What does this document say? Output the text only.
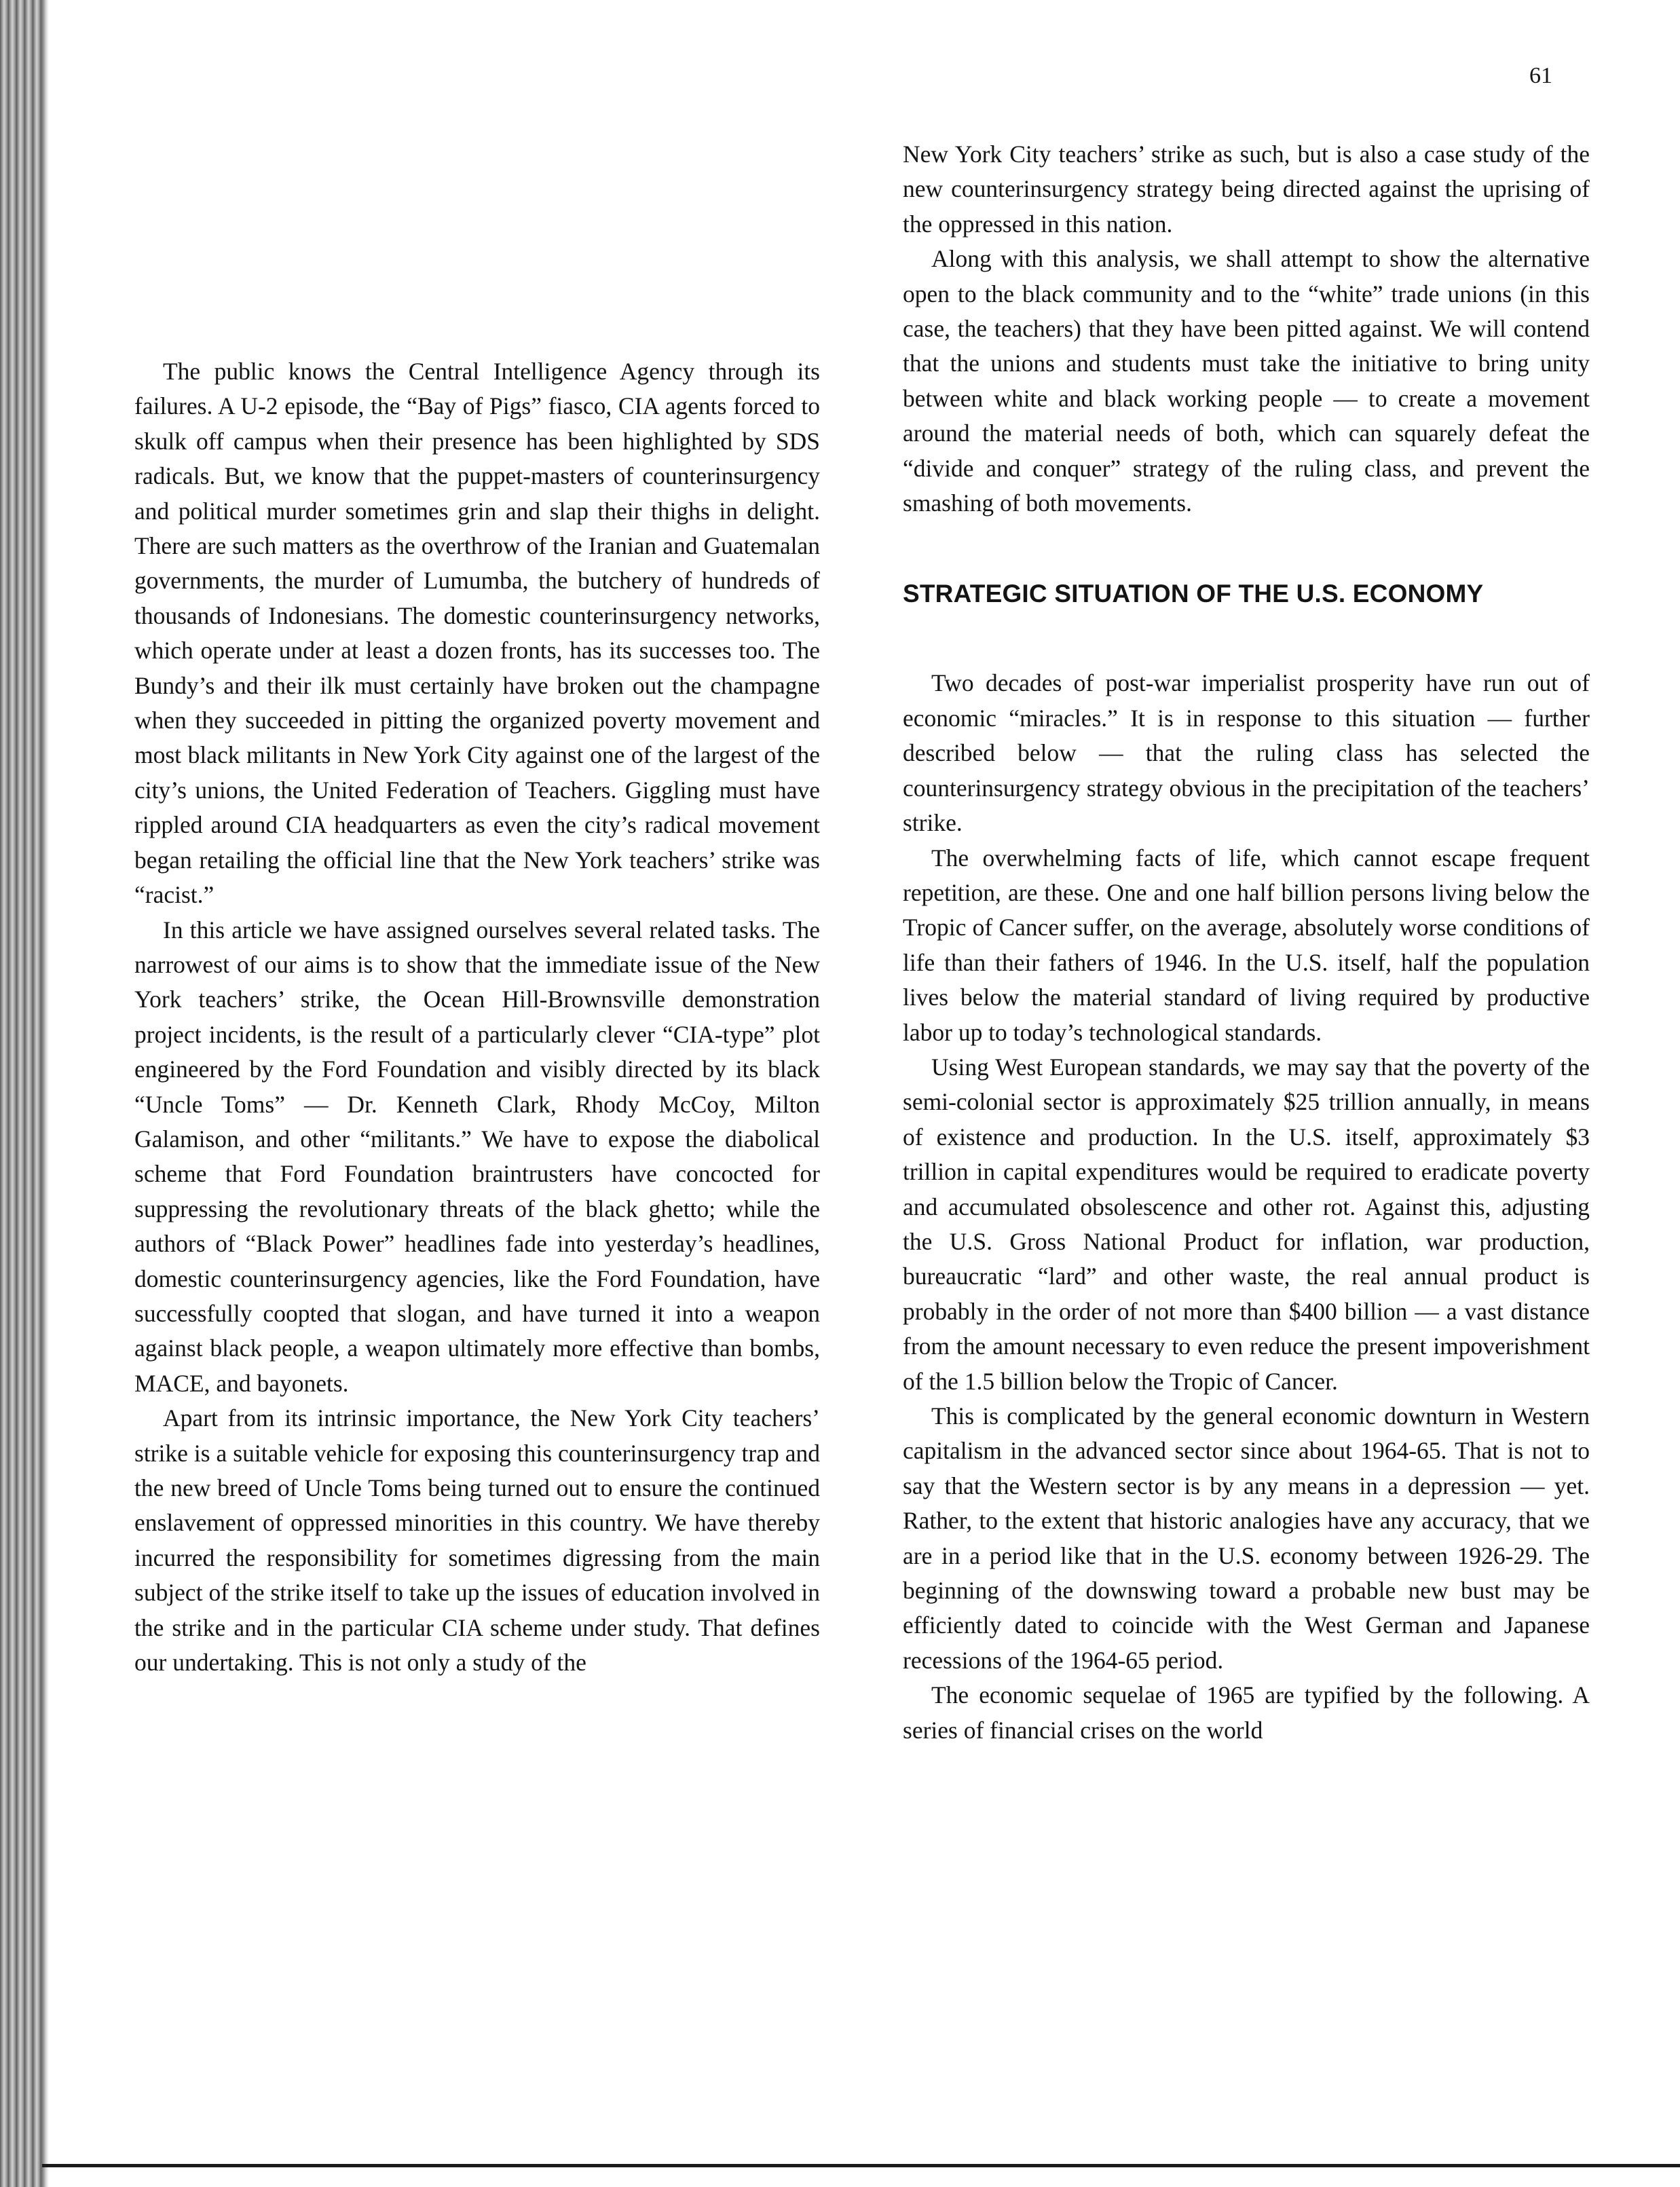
61

The public knows the Central Intelligence Agency through its failures. A U-2 episode, the “Bay of Pigs” fiasco, CIA agents forced to skulk off campus when their presence has been highlighted by SDS radicals. But, we know that the puppet-masters of counterinsurgency and political murder sometimes grin and slap their thighs in delight. There are such matters as the overthrow of the Iranian and Guatemalan governments, the murder of Lumumba, the butchery of hundreds of thousands of Indonesians. The domestic counterinsurgency networks, which operate under at least a dozen fronts, has its successes too. The Bundy’s and their ilk must certainly have broken out the champagne when they succeeded in pitting the organized poverty movement and most black militants in New York City against one of the largest of the city’s unions, the United Federation of Teachers. Giggling must have rippled around CIA headquarters as even the city’s radical movement began retailing the official line that the New York teachers’ strike was “racist.”

In this article we have assigned ourselves several related tasks. The narrowest of our aims is to show that the immediate issue of the New York teachers’ strike, the Ocean Hill-Brownsville demonstration project incidents, is the result of a particularly clever “CIA-type” plot engineered by the Ford Foundation and visibly directed by its black “Uncle Toms” — Dr. Kenneth Clark, Rhody McCoy, Milton Galamison, and other “militants.” We have to expose the diabolical scheme that Ford Foundation braintrusters have concocted for suppressing the revolutionary threats of the black ghetto; while the authors of “Black Power” headlines fade into yesterday’s headlines, domestic counterinsurgency agencies, like the Ford Foundation, have successfully coopted that slogan, and have turned it into a weapon against black people, a weapon ultimately more effective than bombs, MACE, and bayonets.

Apart from its intrinsic importance, the New York City teachers’ strike is a suitable vehicle for exposing this counterinsurgency trap and the new breed of Uncle Toms being turned out to ensure the continued enslavement of oppressed minorities in this country. We have thereby incurred the responsibility for sometimes digressing from the main subject of the strike itself to take up the issues of education involved in the strike and in the particular CIA scheme under study. That defines our undertaking. This is not only a study of the

New York City teachers’ strike as such, but is also a case study of the new counterinsurgency strategy being directed against the uprising of the oppressed in this nation.

Along with this analysis, we shall attempt to show the alternative open to the black community and to the “white” trade unions (in this case, the teachers) that they have been pitted against. We will contend that the unions and students must take the initiative to bring unity between white and black working people — to create a movement around the material needs of both, which can squarely defeat the “divide and conquer” strategy of the ruling class, and prevent the smashing of both movements.

STRATEGIC SITUATION OF THE U.S. ECONOMY

Two decades of post-war imperialist prosperity have run out of economic “miracles.” It is in response to this situation — further described below — that the ruling class has selected the counterinsurgency strategy obvious in the precipitation of the teachers’ strike.

The overwhelming facts of life, which cannot escape frequent repetition, are these. One and one half billion persons living below the Tropic of Cancer suffer, on the average, absolutely worse conditions of life than their fathers of 1946. In the U.S. itself, half the population lives below the material standard of living required by productive labor up to today’s technological standards.

Using West European standards, we may say that the poverty of the semi-colonial sector is approximately $25 trillion annually, in means of existence and production. In the U.S. itself, approximately $3 trillion in capital expenditures would be required to eradicate poverty and accumulated obsolescence and other rot. Against this, adjusting the U.S. Gross National Product for inflation, war production, bureaucratic “lard” and other waste, the real annual product is probably in the order of not more than $400 billion — a vast distance from the amount necessary to even reduce the present impoverishment of the 1.5 billion below the Tropic of Cancer.

This is complicated by the general economic downturn in Western capitalism in the advanced sector since about 1964-65. That is not to say that the Western sector is by any means in a depression — yet. Rather, to the extent that historic analogies have any accuracy, that we are in a period like that in the U.S. economy between 1926-29. The beginning of the downswing toward a probable new bust may be efficiently dated to coincide with the West German and Japanese recessions of the 1964-65 period.

The economic sequelae of 1965 are typified by the following. A series of financial crises on the world
